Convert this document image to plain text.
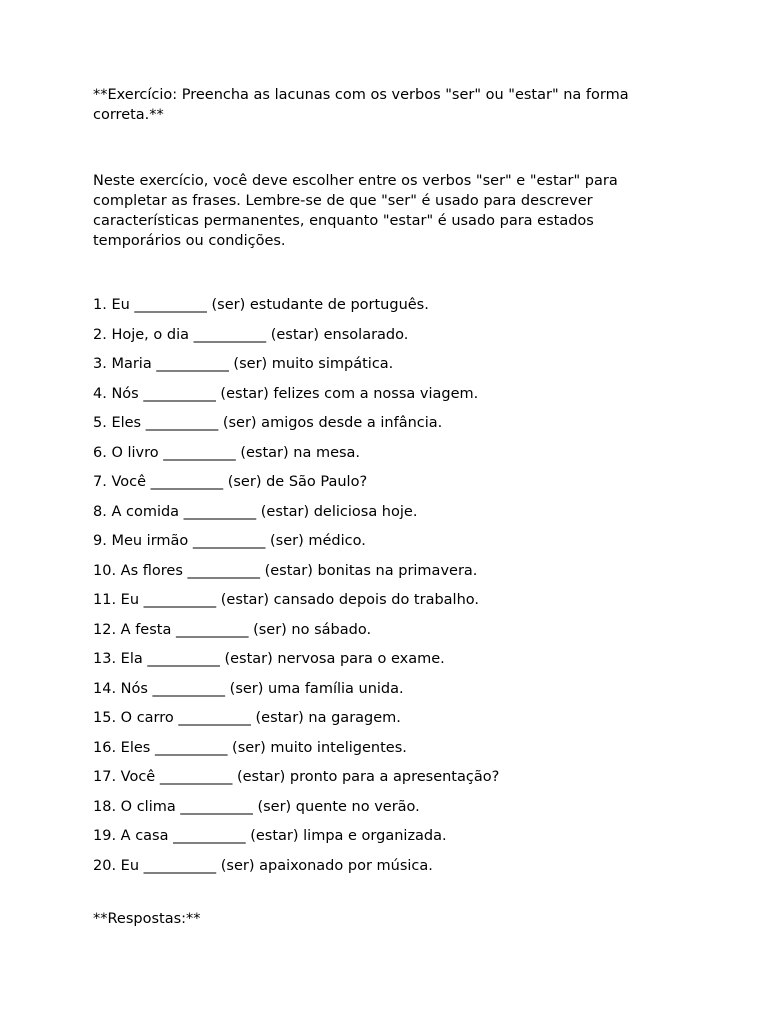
**Exercício: Preencha as lacunas com os verbos "ser" ou "estar" na forma correta.**

Neste exercício, você deve escolher entre os verbos "ser" e "estar" para completar as frases. Lembre-se de que "ser" é usado para descrever características permanentes, enquanto "estar" é usado para estados temporários ou condições.

1. Eu __________ (ser) estudante de português.
2. Hoje, o dia __________ (estar) ensolarado.
3. Maria __________ (ser) muito simpática.
4. Nós __________ (estar) felizes com a nossa viagem.
5. Eles __________ (ser) amigos desde a infância.
6. O livro __________ (estar) na mesa.
7. Você __________ (ser) de São Paulo?
8. A comida __________ (estar) deliciosa hoje.
9. Meu irmão __________ (ser) médico.
10. As flores __________ (estar) bonitas na primavera.
11. Eu __________ (estar) cansado depois do trabalho.
12. A festa __________ (ser) no sábado.
13. Ela __________ (estar) nervosa para o exame.
14. Nós __________ (ser) uma família unida.
15. O carro __________ (estar) na garagem.
16. Eles __________ (ser) muito inteligentes.
17. Você __________ (estar) pronto para a apresentação?
18. O clima __________ (ser) quente no verão.
19. A casa __________ (estar) limpa e organizada.
20. Eu __________ (ser) apaixonado por música.

**Respostas:**
